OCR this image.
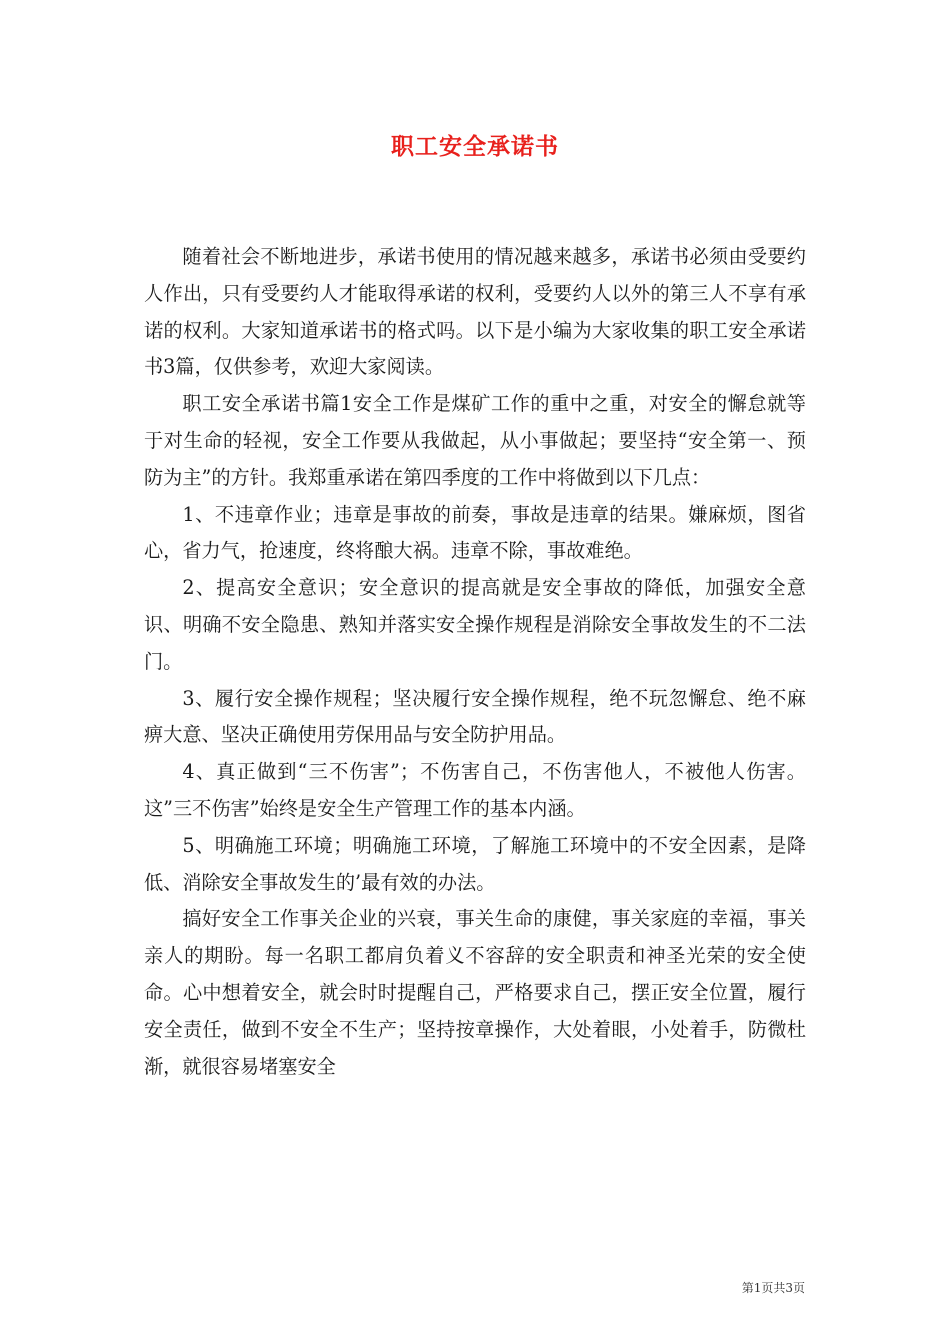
职工安全承诺书

随着社会不断地进步，承诺书使用的情况越来越多，承诺书必须由受要约人作出，只有受要约人才能取得承诺的权利，受要约人以外的第三人不享有承诺的权利。大家知道承诺书的格式吗。以下是小编为大家收集的职工安全承诺书3篇，仅供参考，欢迎大家阅读。

职工安全承诺书篇1安全工作是煤矿工作的重中之重，对安全的懈怠就等于对生命的轻视，安全工作要从我做起，从小事做起；要坚持“安全第一、预防为主”的方针。我郑重承诺在第四季度的工作中将做到以下几点：

1、不违章作业；违章是事故的前奏，事故是违章的结果。嫌麻烦，图省心，省力气，抢速度，终将酿大祸。违章不除，事故难绝。

2、提高安全意识；安全意识的提高就是安全事故的降低，加强安全意识、明确不安全隐患、熟知并落实安全操作规程是消除安全事故发生的不二法门。

3、履行安全操作规程；坚决履行安全操作规程，绝不玩忽懈怠、绝不麻痹大意、坚决正确使用劳保用品与安全防护用品。

4、真正做到“三不伤害”；不伤害自己，不伤害他人，不被他人伤害。这”三不伤害”始终是安全生产管理工作的基本内涵。

5、明确施工环境；明确施工环境，了解施工环境中的不安全因素，是降低、消除安全事故发生的’最有效的办法。

搞好安全工作事关企业的兴衰，事关生命的康健，事关家庭的幸福，事关亲人的期盼。每一名职工都肩负着义不容辞的安全职责和神圣光荣的安全使命。心中想着安全，就会时时提醒自己，严格要求自己，摆正安全位置，履行安全责任，做到不安全不生产；坚持按章操作，大处着眼，小处着手，防微杜渐，就很容易堵塞安全

第1页共3页
